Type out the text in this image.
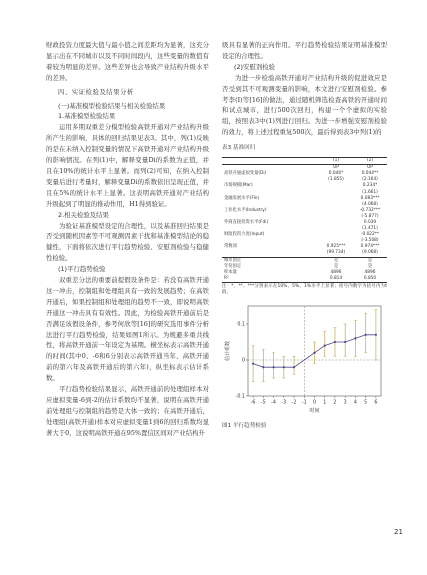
财政投资力度最大值与最小值之间差距均为显著，这充分显示出在不同城市以及不同时间段内，这些变量的数值有着较为明显的差异。这些差异也会导致产业结构升级水平的差异。

四、实证检验及结果分析

(一)基准模型检验结果与相关检验结果

1.基准模型检验结果

运用多期双重差分模型检验高铁开通对产业结构升级所产生的影响，具体的回归结果见表3。其中，列(1)反映的是在未纳入控制变量的情况下高铁开通对产业结构升级的影响情况。在列(1)中，解释变量Di的系数为正值，并且在10%的统计水平上显著。而列(2)可知，在纳入控制变量后进行考量时，解释变量Di的系数依旧呈现正值，并且在5%的统计水平上显著。这表明高铁开通对产业结构升级起到了明显的推动作用，H1得到验证。

2.相关检验及结果

为验证基准模型设定的合理性，以及基准回归结果是否受到随机因素等不可观测因素干扰和基准模型结论的稳健性，下面将依次进行平行趋势检验、安慰剂检验与稳健性检验。

(1)平行趋势检验

双重差分法的重要前提假设条件是：若没有高铁开通这一冲击，控制组和处理组具有一致的发展趋势；在高铁开通后，如果控制组和处理组的趋势不一致，即说明高铁开通这一冲击具有有效性。因此，为检验高铁开通前后是否满足该假设条件，参考何欣等[16]的研究选用事件分析法进行平行趋势检验，结果如图1所示。为规避多重共线性，将高铁开通前一年设定为基期。横坐标表示高铁开通的时间(其中0、-6和6分别表示高铁开通当年、高铁开通前的第六年及高铁开通后的第六年)，纵坐标表示估计系数。

平行趋势检验结果显示，高铁开通前的处理组样本对应虚拟变量-6到-2的估计系数均不显著，说明在高铁开通前处理组与控制组的趋势是大体一致的；在高铁开通后，处理组(高铁开通)样本对应虚拟变量1到6的回归系数均显著大于0，这说明高铁开通在95%置信区间对产业结构升

级具有显著的正向作用。平行趋势检验结果证明基准模型设定的合理性。

(2)安慰剂检验

为进一步检验高铁开通对产业结构升级的促进效应是否受到其不可观测变量的影响，本文进行安慰剂检验。参考李(I)等[16]的做法，通过随机筛选检查高铁的开通时间和试点城市，进行500次回归，构建一个个虚拟的实验组，按照表3中(1)列进行回归。为进一步增强安慰剂检验的效力，将上述过程重复500次，最后得到表3中列(1)的

表3 基准回归

	(1)	(2)
	UP	UP
高铁开通虚拟变量(Di)	0.046*	0.044**
	(1.855)	(2.164)
市场规模(Mar)		0.234*
		(1.661)
金融发展水平(Fin)		0.083***
		(4.068)
工业化水平(Industry)		-0.732***
		(-5.877)
外商直接投资水平(Fdi)		0.039
		(1.471)
财政投资力度(Input)		-0.022**
		(-3.508)
常数项	0.925***	0.974***
	(99.734)	(9.068)
城市固定	是	是
年份固定	是	是
样本量	4896	4896
R²	0.814	0.850

注：*、**、***分别表示在10%、5%、1%水平上显著；括号内数字为括号内为t值。

-0.1
0
0.1
-6 -5 -4 -3 -2 -1 0 1 2 3 4 5 6
时间
估计系数

图1 平行趋势检验

21
